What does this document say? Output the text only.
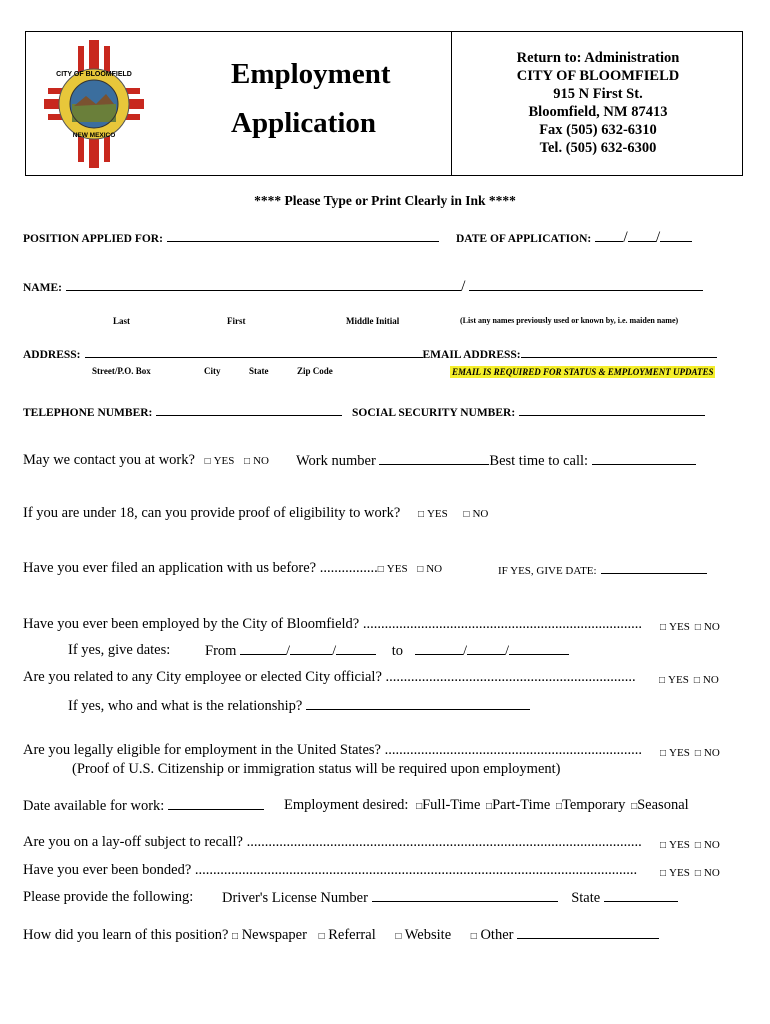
CITY OF BLOOMFIELD
NEW MEXICO
Employment
Application
Return to: Administration
CITY OF BLOOMFIELD
915 N First St.
Bloomfield, NM 87413
Fax (505) 632-6310
Tel. (505) 632-6300
**** Please Type or Print Clearly in Ink ****
POSITION APPLIED FOR:	DATE OF APPLICATION: / /
NAME:	/
Last	First	Middle Initial	(List any names previously used or known by, i.e. maiden name)
ADDRESS:	EMAIL ADDRESS:
Street/P.O. Box	City	State	Zip Code	EMAIL IS REQUIRED FOR STATUS & EMPLOYMENT UPDATES
TELEPHONE NUMBER:	SOCIAL SECURITY NUMBER:
May we contact you at work? □ YES □ NO Work number	Best time to call:
If you are under 18, can you provide proof of eligibility to work? □ YES □ NO
Have you ever filed an application with us before? ................□ YES □ NO	IF YES, GIVE DATE:
Have you ever been employed by the City of Bloomfield? .............................................................................	□ YES □ NO
If yes, give dates: From	/	/	to	/	/
Are you related to any City employee or elected City official? .....................................................................	□ YES □ NO
If yes, who and what is the relationship?
Are you legally eligible for employment in the United States? .......................................................................	□ YES □ NO
(Proof of U.S. Citizenship or immigration status will be required upon employment)
Date available for work:	Employment desired: □Full-Time □Part-Time □Temporary □Seasonal
Are you on a lay-off subject to recall? .............................................................................................................	□ YES □ NO
Have you ever been bonded? ..........................................................................................................................	□ YES □ NO
Please provide the following: Driver's License Number	State
How did you learn of this position? □ Newspaper □ Referral □ Website □ Other
